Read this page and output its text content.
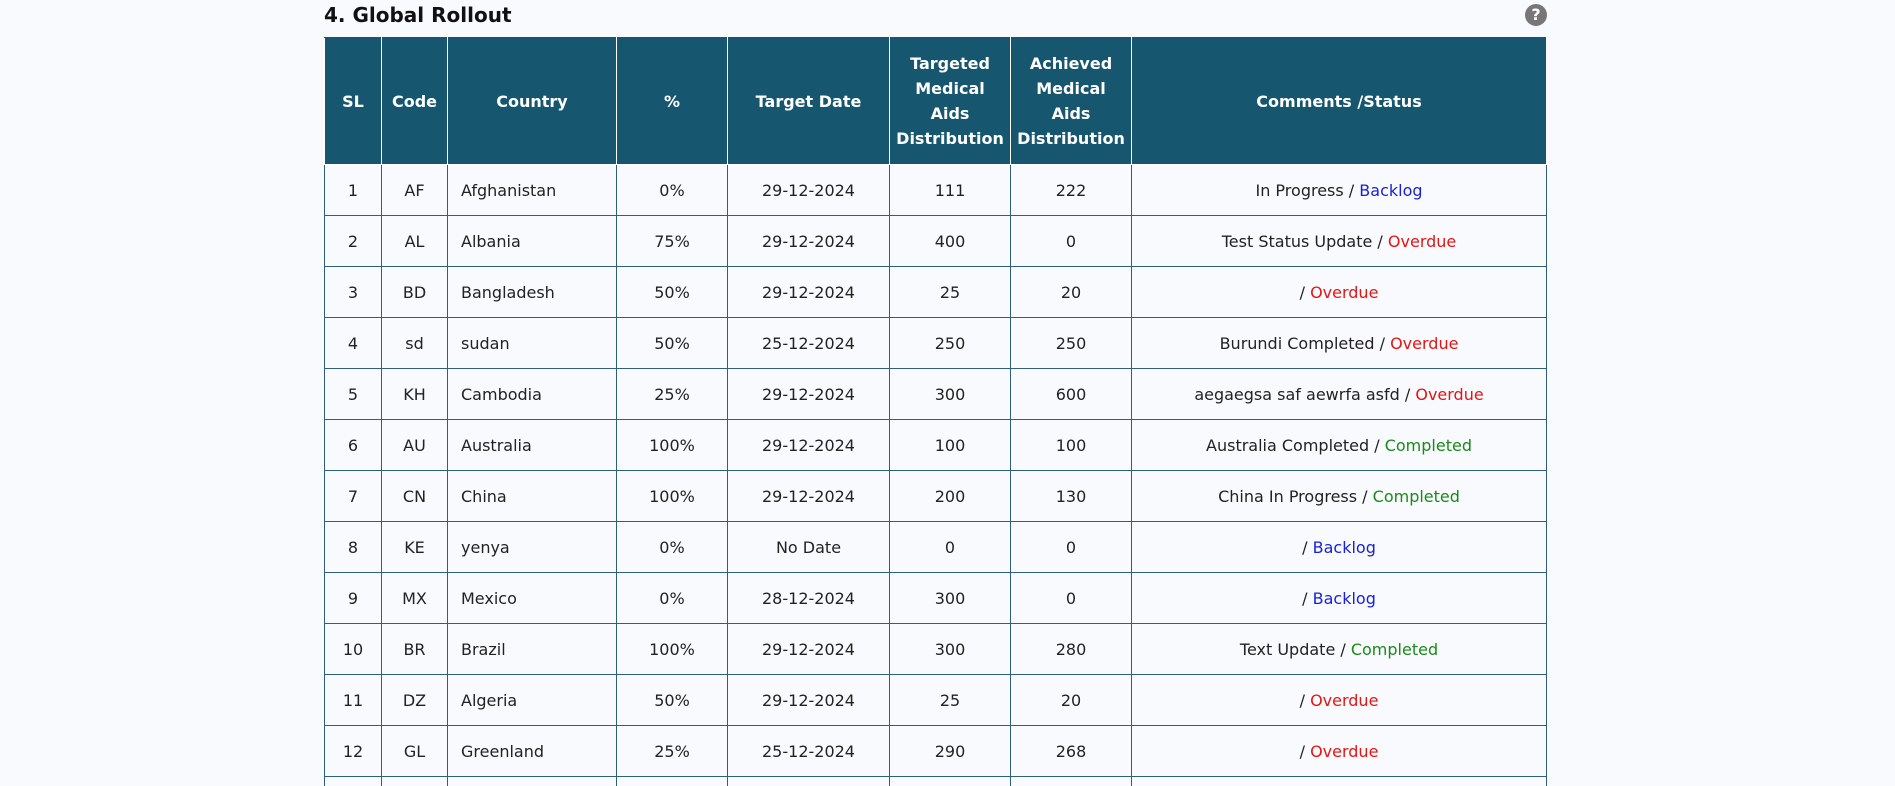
4. Global Rollout	?
SL	Code	Country	%	Target Date	Targeted Medical Aids Distribution	Achieved Medical Aids Distribution	Comments /Status
1	AF	Afghanistan	0%	29-12-2024	111	222	In Progress / Backlog
2	AL	Albania	75%	29-12-2024	400	0	Test Status Update / Overdue
3	BD	Bangladesh	50%	29-12-2024	25	20	/ Overdue
4	sd	sudan	50%	25-12-2024	250	250	Burundi Completed / Overdue
5	KH	Cambodia	25%	29-12-2024	300	600	aegaegsa saf aewrfa asfd / Overdue
6	AU	Australia	100%	29-12-2024	100	100	Australia Completed / Completed
7	CN	China	100%	29-12-2024	200	130	China In Progress / Completed
8	KE	yenya	0%	No Date	0	0	/ Backlog
9	MX	Mexico	0%	28-12-2024	300	0	/ Backlog
10	BR	Brazil	100%	29-12-2024	300	280	Text Update / Completed
11	DZ	Algeria	50%	29-12-2024	25	20	/ Overdue
12	GL	Greenland	25%	25-12-2024	290	268	/ Overdue
